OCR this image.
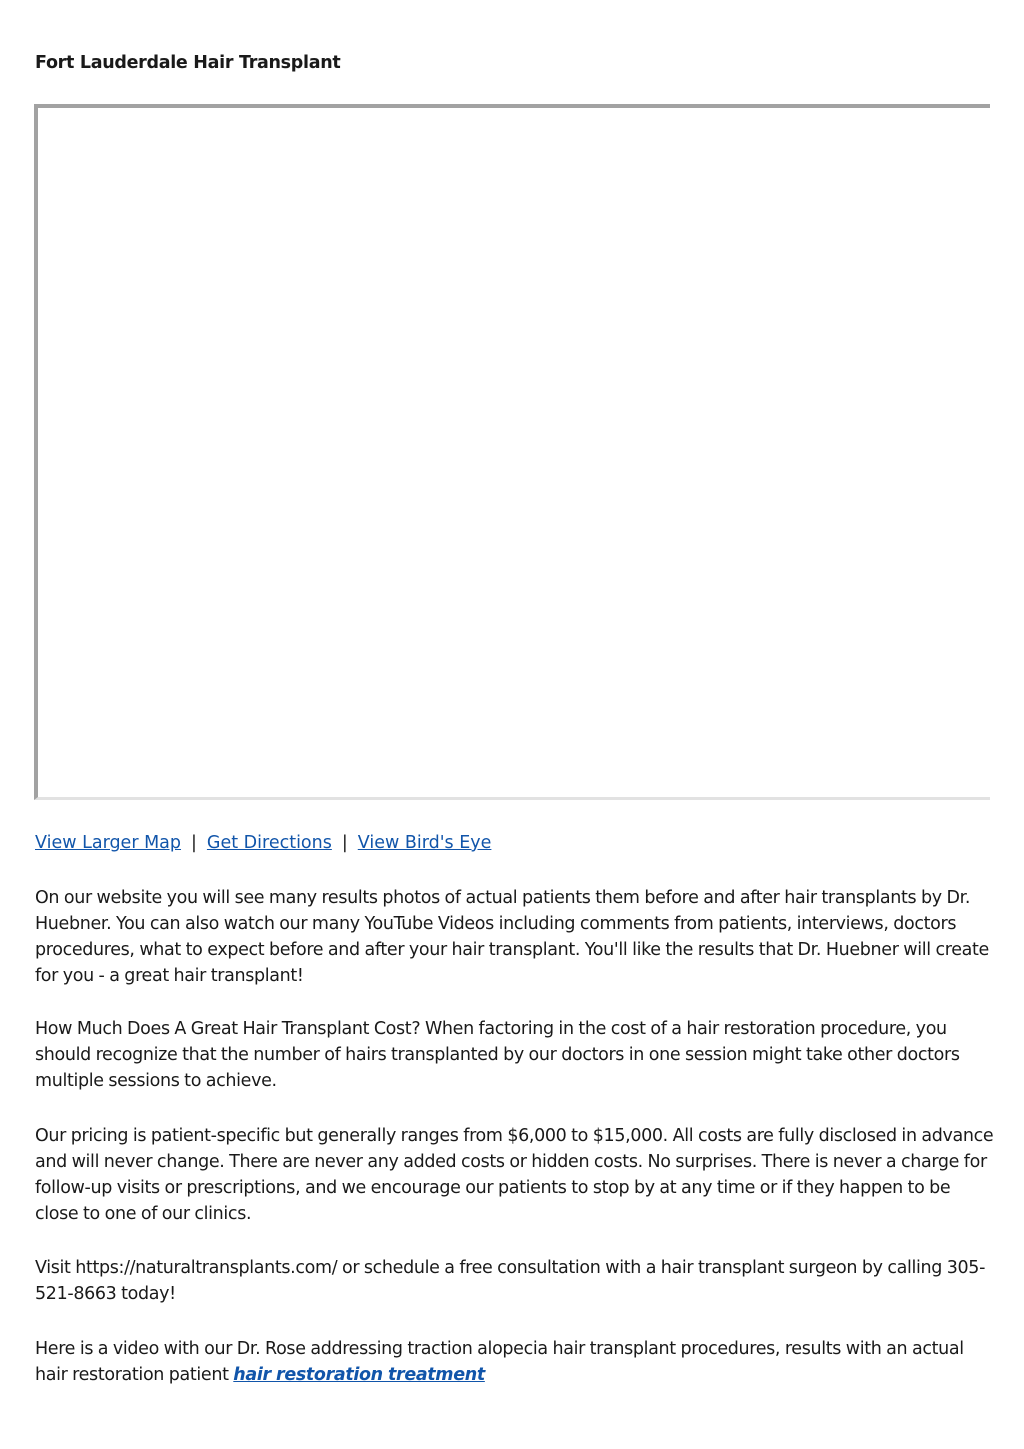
Fort Lauderdale Hair Transplant
View Larger Map | Get Directions | View Bird's Eye

On our website you will see many results photos of actual patients them before and after hair transplants by Dr. Huebner. You can also watch our many YouTube Videos including comments from patients, interviews, doctors procedures, what to expect before and after your hair transplant. You'll like the results that Dr. Huebner will create for you - a great hair transplant!

How Much Does A Great Hair Transplant Cost? When factoring in the cost of a hair restoration procedure, you should recognize that the number of hairs transplanted by our doctors in one session might take other doctors multiple sessions to achieve.

Our pricing is patient-specific but generally ranges from $6,000 to $15,000. All costs are fully disclosed in advance and will never change. There are never any added costs or hidden costs. No surprises. There is never a charge for follow-up visits or prescriptions, and we encourage our patients to stop by at any time or if they happen to be close to one of our clinics.

Visit https://naturaltransplants.com/ or schedule a free consultation with a hair transplant surgeon by calling 305-521-8663 today!

Here is a video with our Dr. Rose addressing traction alopecia hair transplant procedures, results with an actual hair restoration patient hair restoration treatment
